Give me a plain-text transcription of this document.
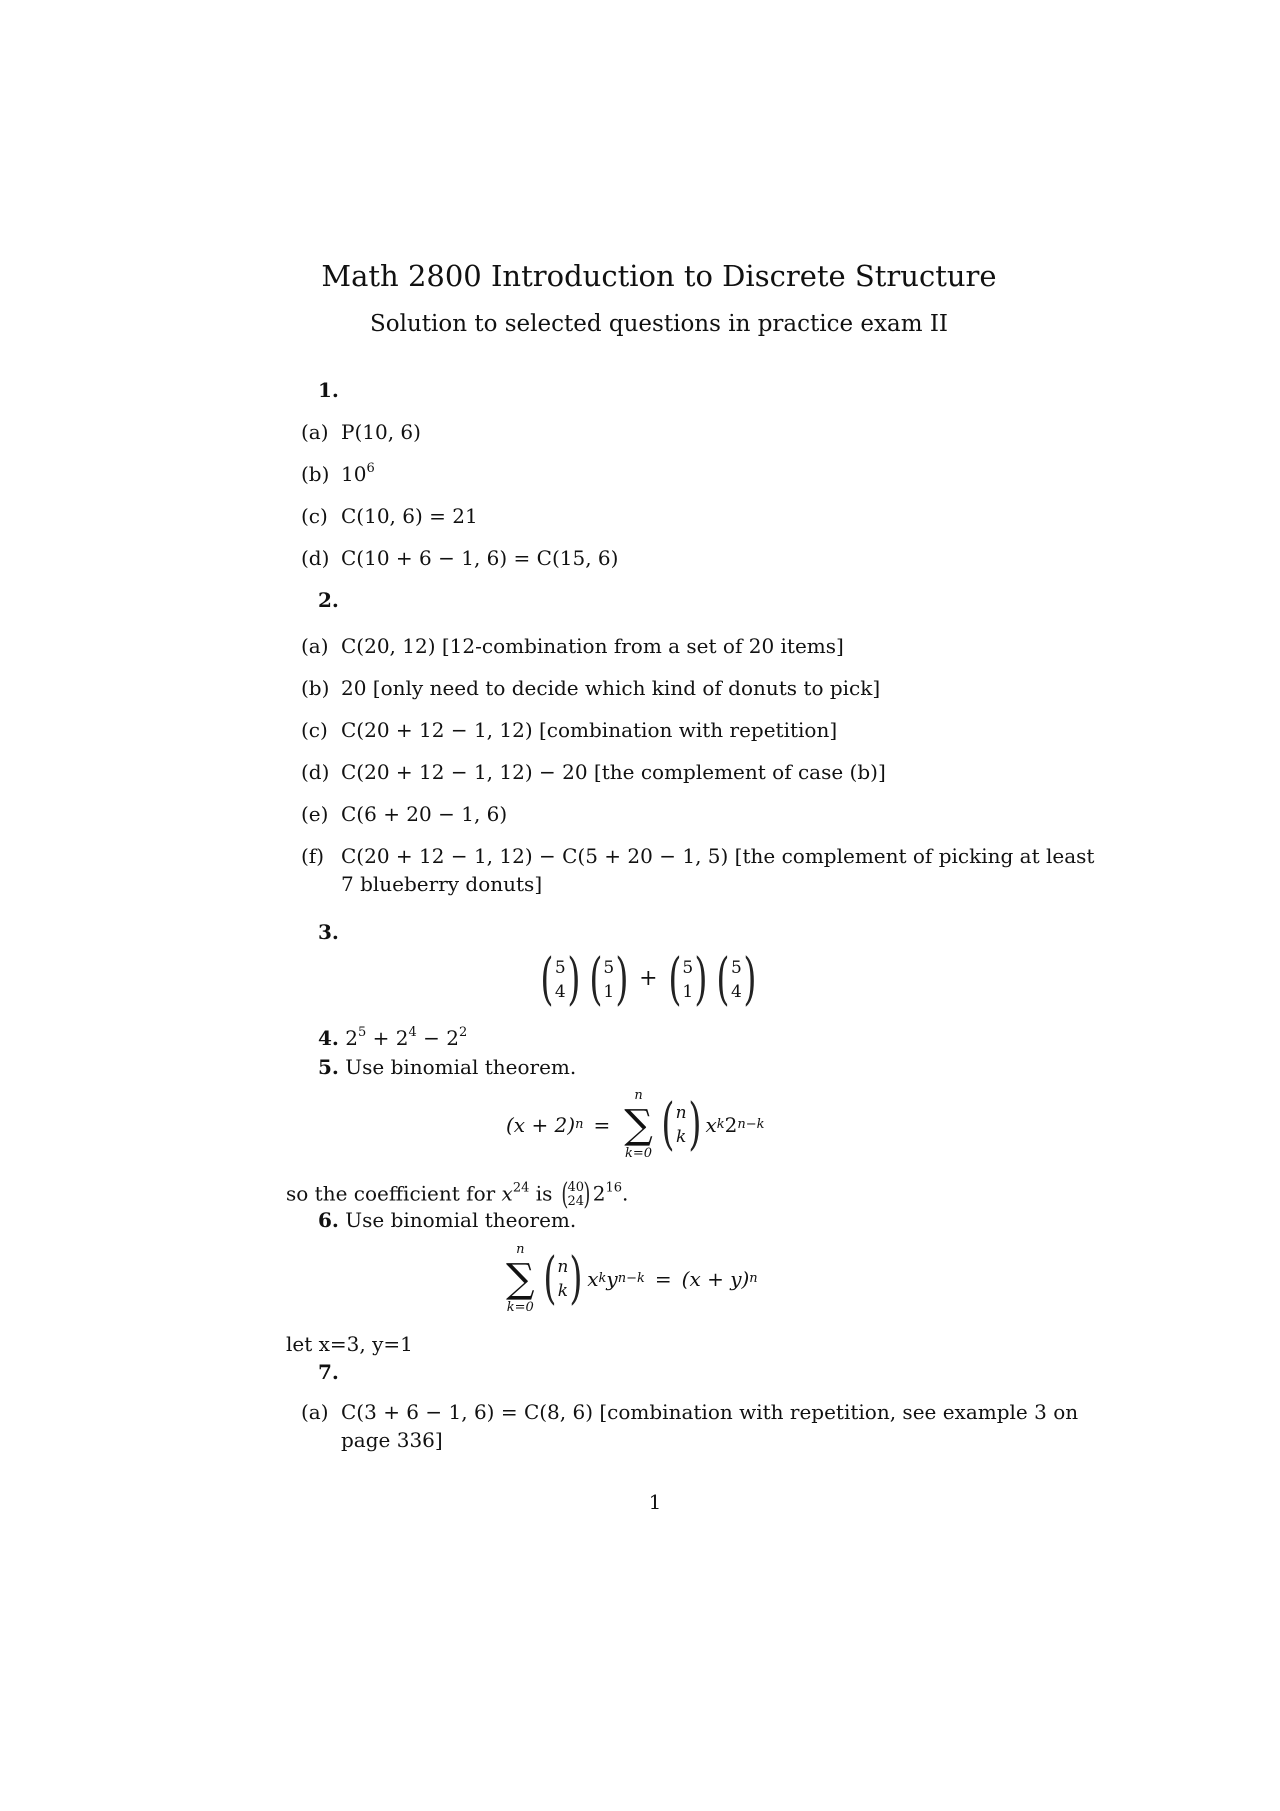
Math 2800 Introduction to Discrete Structure
Solution to selected questions in practice exam II
1.
(a) P(10, 6)
(b) $10^6$
(c) C(10, 6) = 21
(d) C(10 + 6 − 1, 6) = C(15, 6)
2.
(a) C(20, 12) [12-combination from a set of 20 items]
(b) 20 [only need to decide which kind of donuts to pick]
(c) C(20 + 12 − 1, 12) [combination with repetition]
(d) C(20 + 12 − 1, 12) − 20 [the complement of case (b)]
(e) C(6 + 20 − 1, 6)
(f) C(20 + 12 − 1, 12) − C(5 + 20 − 1, 5) [the complement of picking at least
7 blueberry donuts]
3.
( 5
4 ) ( 5
1 ) + ( 5
1 ) ( 5
4 )
4. $2^5 + 2^4 - 2^2$
5. Use binomial theorem.
(x + 2) n =
n
∑
k=0 ( n
k ) x k 2 n−k
so the coefficient for $x^{24}$ is ( 40
24 ) $2^{16}$.
6. Use binomial theorem.
n
∑
k=0 ( n
k ) x k y n−k = (x + y) n
let x=3, y=1
7.
(a) C(3 + 6 − 1, 6) = C(8, 6) [combination with repetition, see example 3 on
page 336]
1
